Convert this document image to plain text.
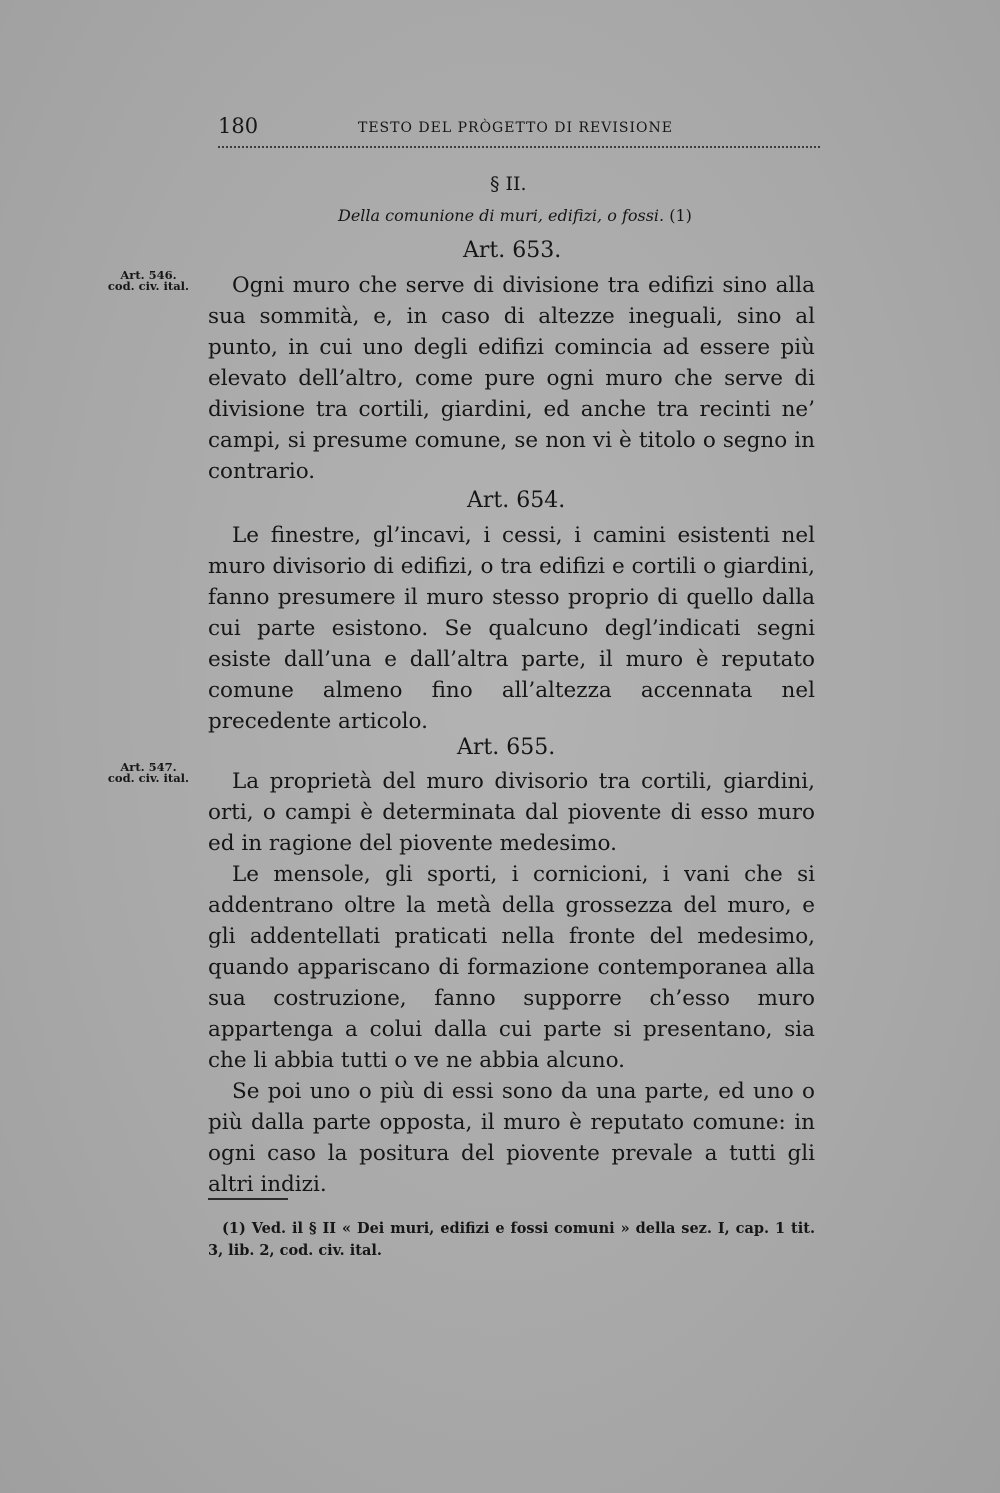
180	TESTO DEL PRÒGETTO DI REVISIONE
§ II.
Della comunione di muri, edifizi, o fossi. (1)
Art. 653.
Art. 546.
cod. civ. ital.	Ogni muro che serve di divisione tra edifizi sino alla sua sommità, e, in caso di altezze ineguali, sino al punto, in cui uno degli edifizi comincia ad essere più elevato dell’altro, come pure ogni muro che serve di divisione tra cortili, giardini, ed anche tra recinti ne’ campi, si presume comune, se non vi è titolo o segno in contrario.

Art. 654.

Le finestre, gl’incavi, i cessi, i camini esistenti nel muro divisorio di edifizi, o tra edifizi e cortili o giardini, fanno presumere il muro stesso proprio di quello dalla cui parte esistono. Se qualcuno degl’indicati segni esiste dall’una e dall’altra parte, il muro è reputato comune almeno fino all’altezza accennata nel precedente articolo.

Art. 655.
Art. 547.
cod. civ. ital.	La proprietà del muro divisorio tra cortili, giardini, orti, o campi è determinata dal piovente di esso muro ed in ragione del piovente medesimo.

Le mensole, gli sporti, i cornicioni, i vani che si addentrano oltre la metà della grossezza del muro, e gli addentellati praticati nella fronte del medesimo, quando appariscano di formazione contemporanea alla sua costruzione, fanno supporre ch’esso muro appartenga a colui dalla cui parte si presentano, sia che li abbia tutti o ve ne abbia alcuno.

Se poi uno o più di essi sono da una parte, ed uno o più dalla parte opposta, il muro è reputato comune: in ogni caso la positura del piovente prevale a tutti gli altri indizi.

(1) Ved. il § II « Dei muri, edifizi e fossi comuni » della sez. I, cap. 1 tit. 3, lib. 2, cod. civ. ital.
